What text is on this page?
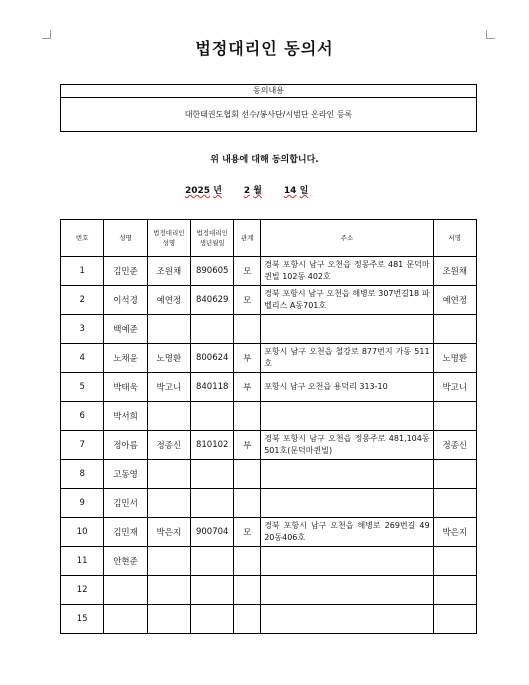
법정대리인 동의서
동의내용
대한태권도협회 선수/봉사단/시범단 온라인 등록
위 내용에 대해 동의합니다.
2025 년 2 월 14 일
번호	성명	법정대리인 성명	법정대리인 생년월일	관계	주소	서명
1	김민준	조원채	890605	모	경북 포항시 남구 오천읍 정몽주로 481 문덕마퀸빌 102동 402호	조원채
2	이석경	예연정	840629	모	경북 포항시 남구 오천읍 해병로 307번길18 파벨리스 A동701호	예연정
3	백예준					
4	노채윤	노명환	800624	부	포항시 남구 오천읍 철강로 877번지 가동 511호	노명환
5	박태욱	박고니	840118	부	포항시 남구 오천읍 용덕리 313-10	박고니
6	박서희					
7	정아름	정종신	810102	부	경북 포항시 남구 오천읍 정몽주로 481,104동 501호(문덕마퀸빌)	정종신
8	고동영					
9	김민서					
10	김민재	박은지	900704	모	경북 포항시 남구 오천읍 해병로 269번길 49 20동406호	박은지
11	안현준					
12						
15						
